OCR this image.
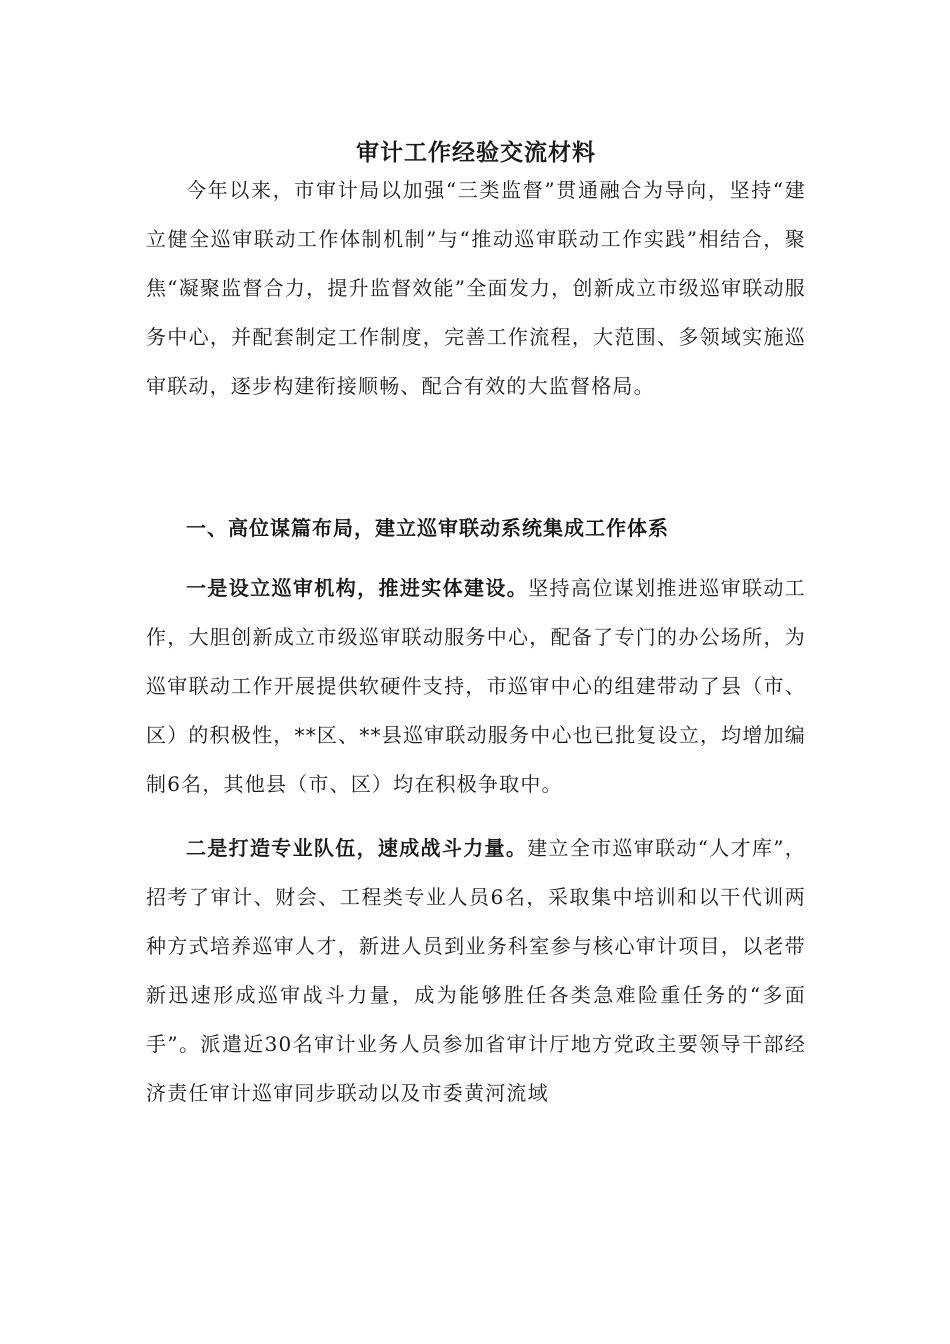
审计工作经验交流材料

今年以来，市审计局以加强“三类监督”贯通融合为导向，坚持“建立健全巡审联动工作体制机制”与“推动巡审联动工作实践”相结合，聚焦“凝聚监督合力，提升监督效能”全面发力，创新成立市级巡审联动服务中心，并配套制定工作制度，完善工作流程，大范围、多领域实施巡审联动，逐步构建衔接顺畅、配合有效的大监督格局。

一、高位谋篇布局，建立巡审联动系统集成工作体系

一是设立巡审机构，推进实体建设。坚持高位谋划推进巡审联动工作，大胆创新成立市级巡审联动服务中心，配备了专门的办公场所，为巡审联动工作开展提供软硬件支持，市巡审中心的组建带动了县（市、区）的积极性，**区、**县巡审联动服务中心也已批复设立，均增加编制6名，其他县（市、区）均在积极争取中。

二是打造专业队伍，速成战斗力量。建立全市巡审联动“人才库”，招考了审计、财会、工程类专业人员6名，采取集中培训和以干代训两种方式培养巡审人才，新进人员到业务科室参与核心审计项目，以老带新迅速形成巡审战斗力量，成为能够胜任各类急难险重任务的“多面手”。派遣近30名审计业务人员参加省审计厅地方党政主要领导干部经济责任审计巡审同步联动以及市委黄河流域
